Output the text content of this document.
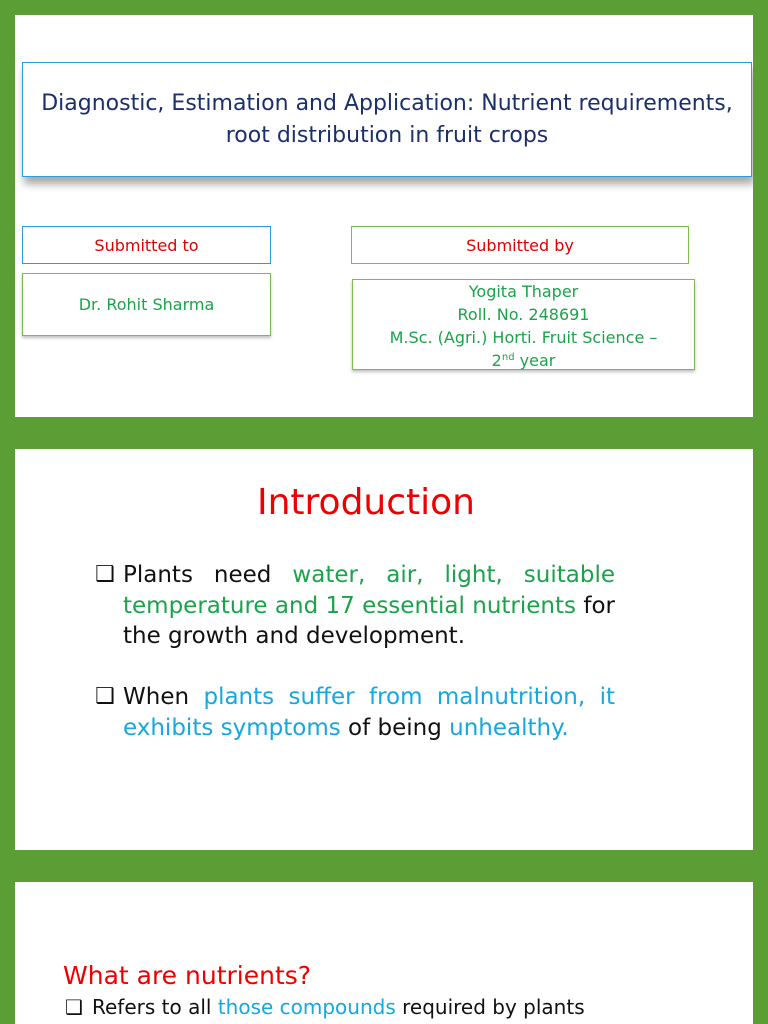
Diagnostic, Estimation and Application: Nutrient requirements, root distribution in fruit crops
Submitted to	Submitted by
Dr. Rohit Sharma
Yogita Thaper
Roll. No. 248691
M.Sc. (Agri.) Horti. Fruit Science –
2nd year
Introduction
❑ Plants need water, air, light, suitable temperature and 17 essential nutrients for the growth and development.
❑ When plants suffer from malnutrition, it exhibits symptoms of being unhealthy.
What are nutrients?
❑ Refers to all those compounds required by plants
